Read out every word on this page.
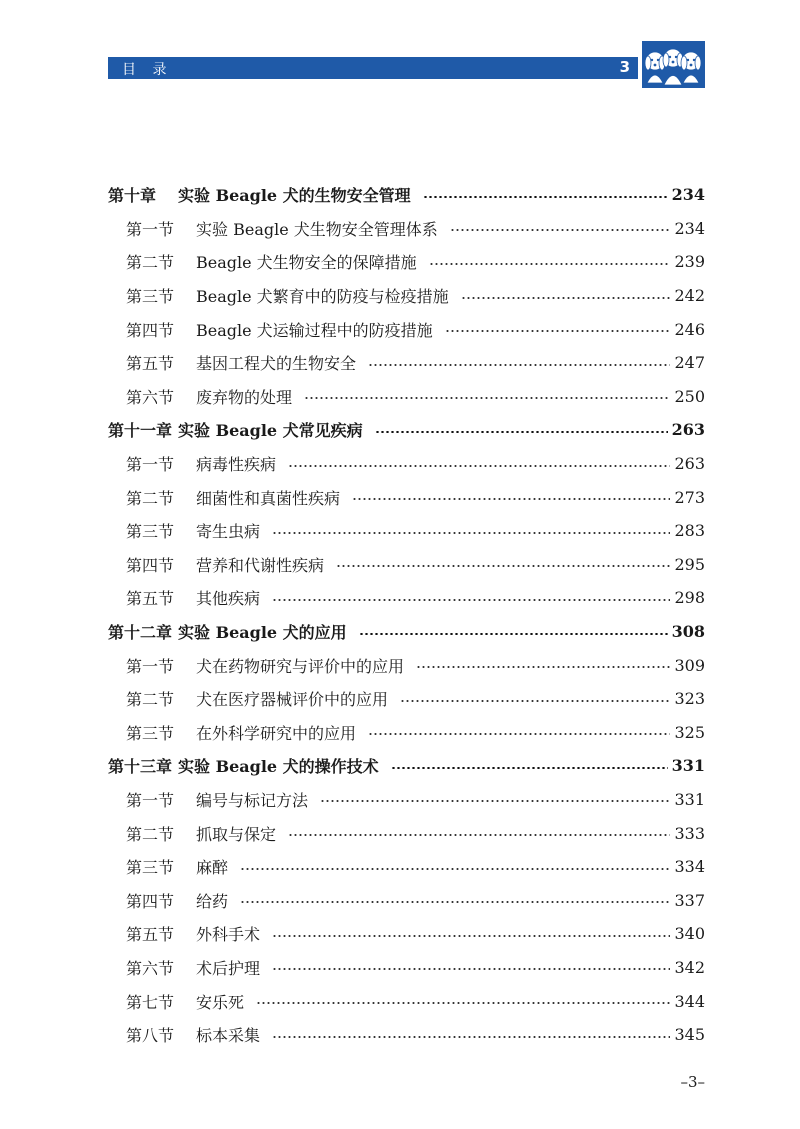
目 录	3
第十章	实验 Beagle 犬的生物安全管理	234
第一节	实验 Beagle 犬生物安全管理体系	234
第二节	Beagle 犬生物安全的保障措施	239
第三节	Beagle 犬繁育中的防疫与检疫措施	242
第四节	Beagle 犬运输过程中的防疫措施	246
第五节	基因工程犬的生物安全	247
第六节	废弃物的处理	250
第十一章 实验 Beagle 犬常见疾病	263
第一节	病毒性疾病	263
第二节	细菌性和真菌性疾病	273
第三节	寄生虫病	283
第四节	营养和代谢性疾病	295
第五节	其他疾病	298
第十二章 实验 Beagle 犬的应用	308
第一节	犬在药物研究与评价中的应用	309
第二节	犬在医疗器械评价中的应用	323
第三节	在外科学研究中的应用	325
第十三章 实验 Beagle 犬的操作技术	331
第一节	编号与标记方法	331
第二节	抓取与保定	333
第三节	麻醉	334
第四节	给药	337
第五节	外科手术	340
第六节	术后护理	342
第七节	安乐死	344
第八节	标本采集	345
–3–
